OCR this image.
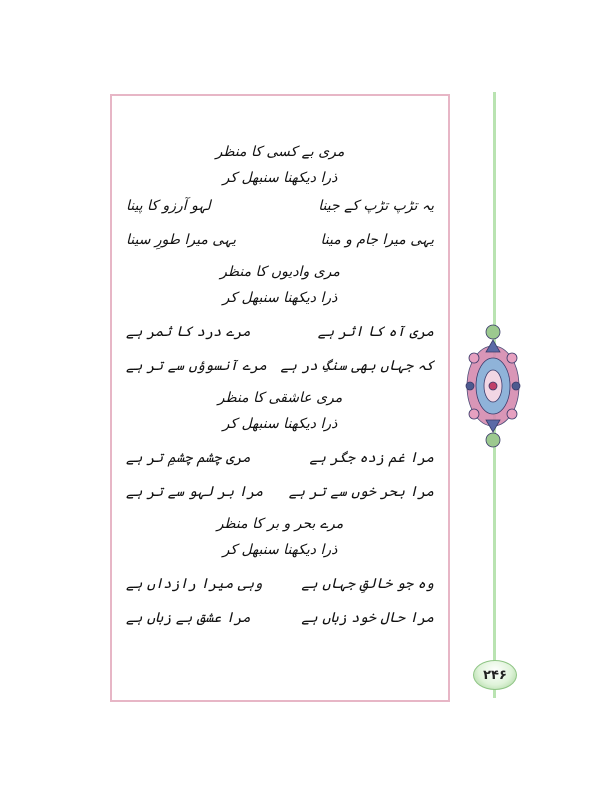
مری بے کسی کا منظر
ذرا دیکھنا سنبھل کر
یہ تڑپ تڑپ کے جینا
لہو آرزو کا پینا
یہی میرا جام و مینا
یہی میرا طورِ سینا
مری وادیوں کا منظر
ذرا دیکھنا سنبھل کر
مری آہ کا اثر ہے
مرے درد کا ثمر ہے
کہ جہاں بھی سنگِ در ہے
مرے آنسوؤں سے تر ہے
مری عاشقی کا منظر
ذرا دیکھنا سنبھل کر
مرا غم زدہ جگر ہے
مری چشم چشمِ تر ہے
مرا بحر خوں سے تر ہے
مرا بر لہو سے تر ہے
مرے بحر و بر کا منظر
ذرا دیکھنا سنبھل کر
وہ جو خالقِ جہاں ہے
وہی میرا رازداں ہے
مرا حال خود زباں ہے
مرا عشق بے زباں ہے
۲۴۶
